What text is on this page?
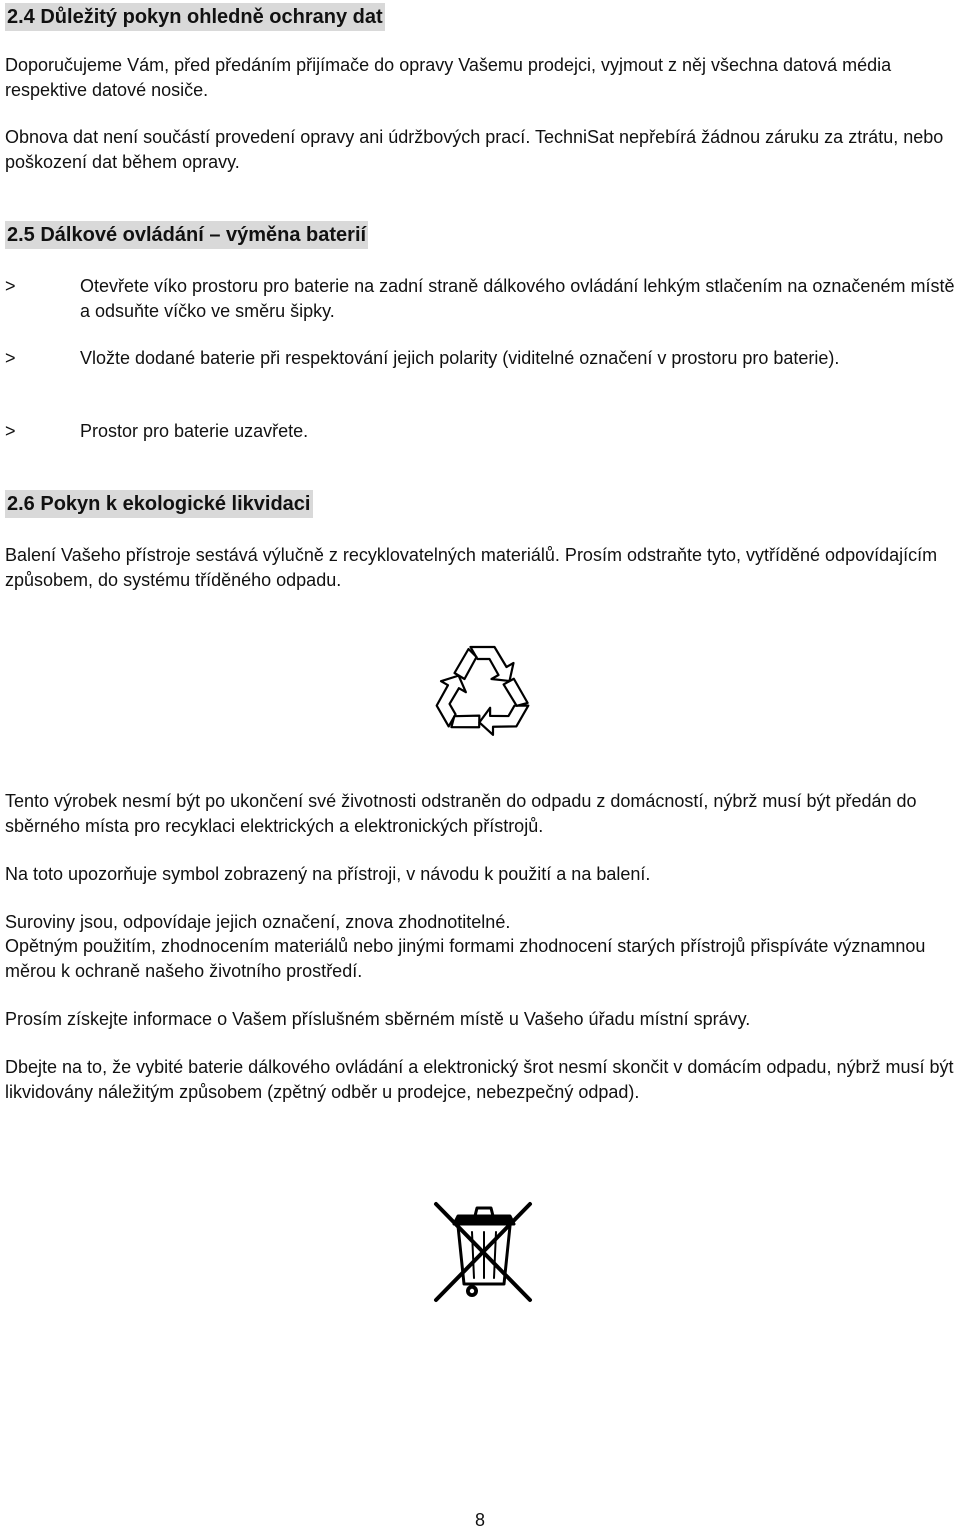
2.4 Důležitý pokyn ohledně ochrany dat

Doporučujeme Vám, před předáním přijímače do opravy Vašemu prodejci, vyjmout z něj všechna datová média respektive datové nosiče.

Obnova dat není součástí provedení opravy ani údržbových prací. TechniSat nepřebírá žádnou záruku za ztrátu, nebo poškození dat během opravy.

2.5 Dálkové ovládání – výměna baterií
>	Otevřete víko prostoru pro baterie na zadní straně dálkového ovládání lehkým stlačením na označeném místě a odsuňte víčko ve směru šipky.
>	Vložte dodané baterie při respektování jejich polarity (viditelné označení v prostoru pro baterie).
>	Prostor pro baterie uzavřete.
2.6 Pokyn k ekologické likvidaci

Balení Vašeho přístroje sestává výlučně z recyklovatelných materiálů. Prosím odstraňte tyto, vytříděné odpovídajícím způsobem, do systému tříděného odpadu.

Tento výrobek nesmí být po ukončení své životnosti odstraněn do odpadu z domácností, nýbrž musí být předán do sběrného místa pro recyklaci elektrických a elektronických přístrojů.

Na toto upozorňuje symbol zobrazený na přístroji, v návodu k použití a na balení.

Suroviny jsou, odpovídaje jejich označení, znova zhodnotitelné.

Opětným použitím, zhodnocením materiálů nebo jinými formami zhodnocení starých přístrojů přispíváte významnou měrou k ochraně našeho životního prostředí.

Prosím získejte informace o Vašem příslušném sběrném místě u Vašeho úřadu místní správy.

Dbejte na to, že vybité baterie dálkového ovládání a elektronický šrot nesmí skončit v domácím odpadu, nýbrž musí být likvidovány náležitým způsobem (zpětný odběr u prodejce, nebezpečný odpad).

8
